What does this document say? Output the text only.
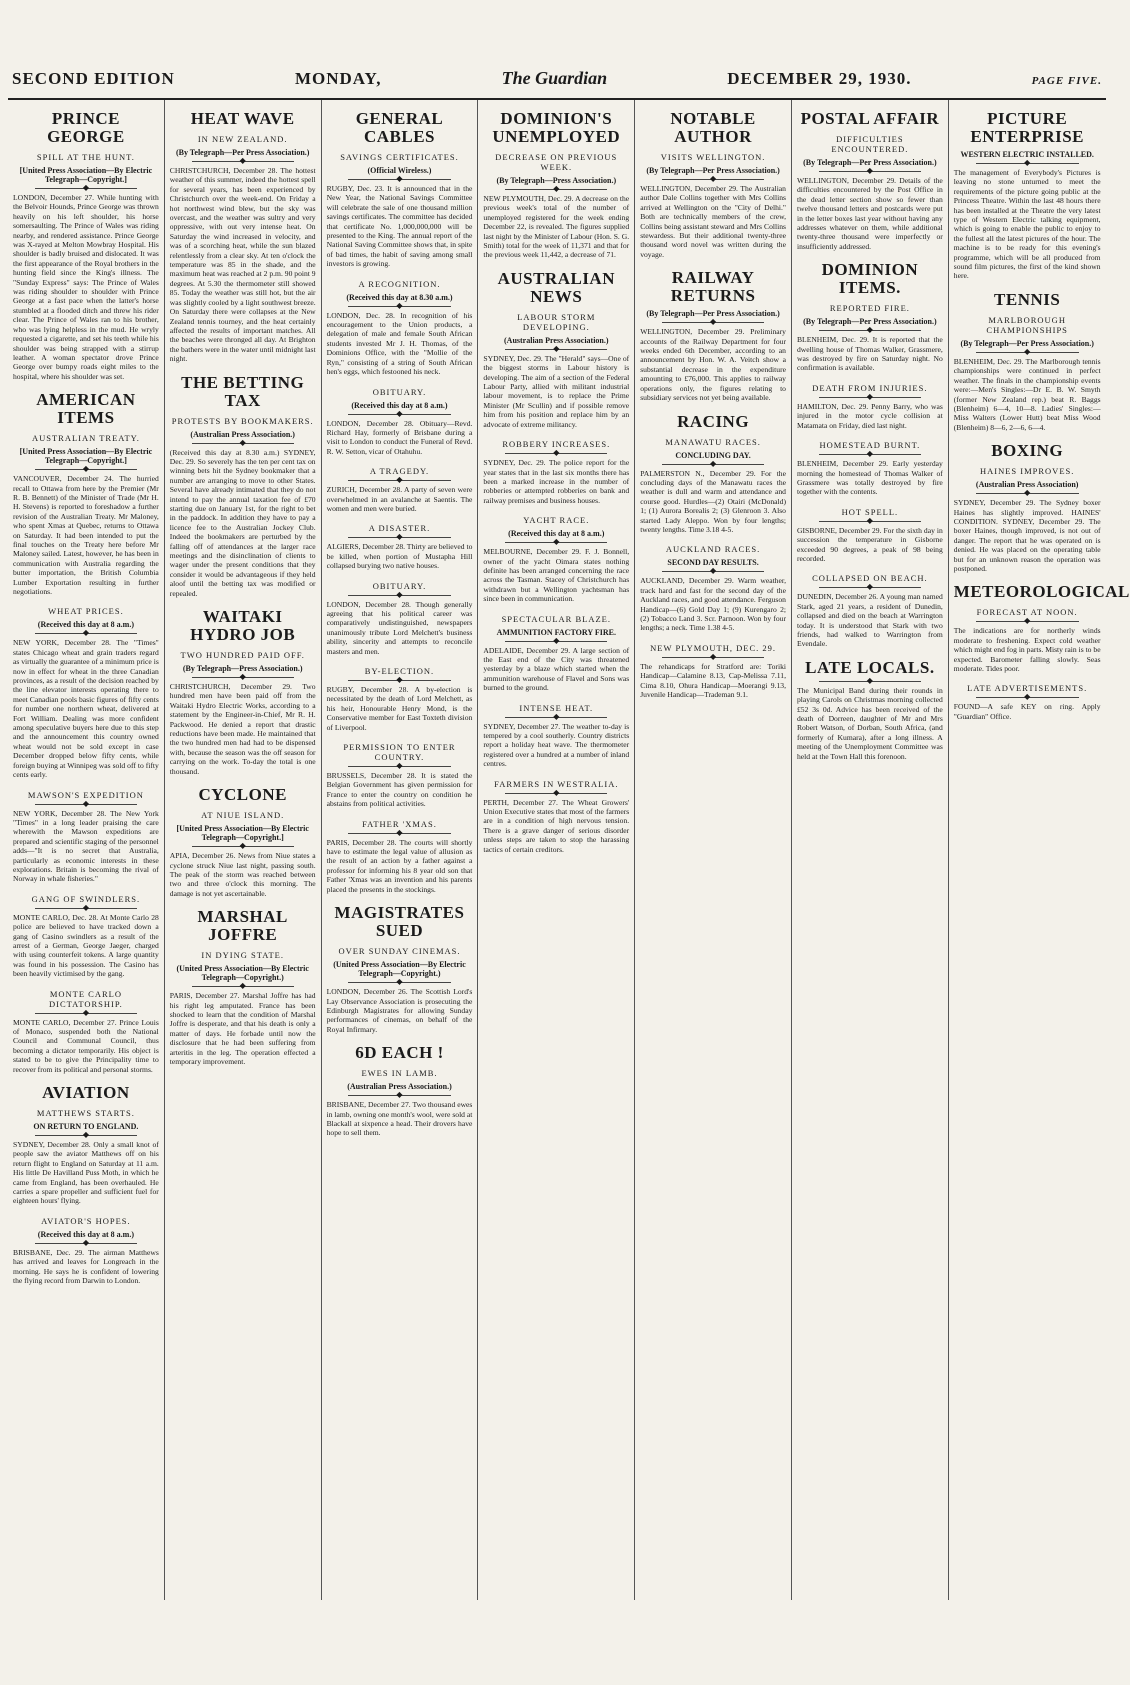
SECOND EDITION	MONDAY,	The Guardian	DECEMBER 29, 1930.	PAGE FIVE.
PRINCE GEORGE
SPILL AT THE HUNT.
[United Press Association—By Electric Telegraph—Copyright.]
◆
LONDON, December 27. While hunting with the Belvoir Hounds, Prince George was thrown heavily on his left shoulder, his horse somersaulting. The Prince of Wales was riding nearby, and rendered assistance. Prince George was X-rayed at Melton Mowbray Hospital. His shoulder is badly bruised and dislocated. It was the first appearance of the Royal brothers in the hunting field since the King's illness. The "Sunday Express" says: The Prince of Wales was riding shoulder to shoulder with Prince George at a fast pace when the latter's horse stumbled at a flooded ditch and threw his rider clear. The Prince of Wales ran to his brother, who was lying helpless in the mud. He wryly requested a cigarette, and set his teeth while his shoulder was being strapped with a stirrup leather. A woman spectator drove Prince George over bumpy roads eight miles to the hospital, where his shoulder was set.
AMERICAN ITEMS
AUSTRALIAN TREATY.
[United Press Association—By Electric Telegraph—Copyright.]
◆
VANCOUVER, December 24. The hurried recall to Ottawa from here by the Premier (Mr R. B. Bennett) of the Minister of Trade (Mr H. H. Stevens) is reported to foreshadow a further revision of the Australian Treaty. Mr Maloney, who spent Xmas at Quebec, returns to Ottawa on Saturday. It had been intended to put the final touches on the Treaty here before Mr Maloney sailed. Latest, however, he has been in communication with Australia regarding the butter importation, the British Columbia Lumber Exportation resulting in further negotiations.
WHEAT PRICES.
(Received this day at 8 a.m.)
◆
NEW YORK, December 28. The "Times" states Chicago wheat and grain traders regard as virtually the guarantee of a minimum price is now in effect for wheat in the three Canadian provinces, as a result of the decision reached by the line elevator interests operating there to meet Canadian pools basic figures of fifty cents for number one northern wheat, delivered at Fort William. Dealing was more confident among speculative buyers here due to this step and the announcement this country owned wheat would not be sold except in case December dropped below fifty cents, while foreign buying at Winnipeg was sold off to fifty cents early.
MAWSON'S EXPEDITION
◆
NEW YORK, December 28. The New York "Times" in a long leader praising the care wherewith the Mawson expeditions are prepared and scientific staging of the personnel adds—"It is no secret that Australia, particularly as economic interests in these explorations. Britain is becoming the rival of Norway in whale fisheries."
GANG OF SWINDLERS.
◆
MONTE CARLO, Dec. 28. At Monte Carlo 28 police are believed to have tracked down a gang of Casino swindlers as a result of the arrest of a German, George Jaeger, charged with using counterfeit tokens. A large quantity was found in his possession. The Casino has been heavily victimised by the gang.
MONTE CARLO DICTATORSHIP.
◆
MONTE CARLO, December 27. Prince Louis of Monaco, suspended both the National Council and Communal Council, thus becoming a dictator temporarily. His object is stated to be to give the Principality time to recover from its political and personal storms.
AVIATION
MATTHEWS STARTS.
ON RETURN TO ENGLAND.
◆
SYDNEY, December 28. Only a small knot of people saw the aviator Matthews off on his return flight to England on Saturday at 11 a.m. His little De Havilland Puss Moth, in which he came from England, has been overhauled. He carries a spare propeller and sufficient fuel for eighteen hours' flying.
AVIATOR'S HOPES.
(Received this day at 8 a.m.)
◆
BRISBANE, Dec. 29. The airman Matthews has arrived and leaves for Longreach in the morning. He says he is confident of lowering the flying record from Darwin to London.
HEAT WAVE
IN NEW ZEALAND.
(By Telegraph—Per Press Association.)
◆
CHRISTCHURCH, December 28. The hottest weather of this summer, indeed the hottest spell for several years, has been experienced by Christchurch over the week-end. On Friday a hot northwest wind blew, but the sky was overcast, and the weather was sultry and very oppressive, with out very intense heat. On Saturday the wind increased in velocity, and was of a scorching heat, while the sun blazed relentlessly from a clear sky. At ten o'clock the temperature was 85 in the shade, and the maximum heat was reached at 2 p.m. 90 point 9 degrees. At 5.30 the thermometer still showed 85. Today the weather was still hot, but the air was slightly cooled by a light southwest breeze. On Saturday there were collapses at the New Zealand tennis tourney, and the heat certainly affected the results of important matches. All the beaches were thronged all day. At Brighton the bathers were in the water until midnight last night.
THE BETTING TAX
PROTESTS BY BOOKMAKERS.
(Australian Press Association.)
◆
(Received this day at 8.30 a.m.) SYDNEY, Dec. 29. So severely has the ten per cent tax on winning bets hit the Sydney bookmaker that a number are arranging to move to other States. Several have already intimated that they do not intend to pay the annual taxation fee of £70 starting due on January 1st, for the right to bet in the paddock. In addition they have to pay a licence fee to the Australian Jockey Club. Indeed the bookmakers are perturbed by the falling off of attendances at the larger race meetings and the disinclination of clients to wager under the present conditions that they consider it would be advantageous if they held aloof until the betting tax was modified or repealed.
WAITAKI HYDRO JOB
TWO HUNDRED PAID OFF.
(By Telegraph—Press Association.)
◆
CHRISTCHURCH, December 29. Two hundred men have been paid off from the Waitaki Hydro Electric Works, according to a statement by the Engineer-in-Chief, Mr R. H. Packwood. He denied a report that drastic reductions have been made. He maintained that the two hundred men had had to be dispensed with, because the season was the off season for carrying on the work. To-day the total is one thousand.
CYCLONE
AT NIUE ISLAND.
[United Press Association—By Electric Telegraph—Copyright.]
◆
APIA, December 26. News from Niue states a cyclone struck Niue last night, passing south. The peak of the storm was reached between two and three o'clock this morning. The damage is not yet ascertainable.
MARSHAL JOFFRE
IN DYING STATE.
(United Press Association—By Electric Telegraph—Copyright.)
◆
PARIS, December 27. Marshal Joffre has had his right leg amputated. France has been shocked to learn that the condition of Marshal Joffre is desperate, and that his death is only a matter of days. He forbade until now the disclosure that he had been suffering from arteritis in the leg. The operation effected a temporary improvement.
GENERAL CABLES
SAVINGS CERTIFICATES.
(Official Wireless.)
◆
RUGBY, Dec. 23. It is announced that in the New Year, the National Savings Committee will celebrate the sale of one thousand million savings certificates. The committee has decided that certificate No. 1,000,000,000 will be presented to the King. The annual report of the National Saving Committee shows that, in spite of bad times, the habit of saving among small investors is growing.
A RECOGNITION.
(Received this day at 8.30 a.m.)
◆
LONDON, Dec. 28. In recognition of his encouragement to the Union products, a delegation of male and female South African students invested Mr J. H. Thomas, of the Dominions Office, with the "Mollie of the Ryn," consisting of a string of South African hen's eggs, which festooned his neck.
OBITUARY.
(Received this day at 8 a.m.)
◆
LONDON, December 28. Obituary—Revd. Richard Hay, formerly of Brisbane during a visit to London to conduct the Funeral of Revd. R. W. Setton, vicar of Otahuhu.
A TRAGEDY.
◆
ZURICH, December 28. A party of seven were overwhelmed in an avalanche at Saentis. The women and men were buried.
A DISASTER.
◆
ALGIERS, December 28. Thirty are believed to be killed, when portion of Mustapha Hill collapsed burying two native houses.
OBITUARY.
◆
LONDON, December 28. Though generally agreeing that his political career was comparatively undistinguished, newspapers unanimously tribute Lord Melchett's business ability, sincerity and attempts to reconcile masters and men.
BY-ELECTION.
◆
RUGBY, December 28. A by-election is necessitated by the death of Lord Melchett, as his heir, Honourable Henry Mond, is the Conservative member for East Toxteth division of Liverpool.
PERMISSION TO ENTER COUNTRY.
◆
BRUSSELS, December 28. It is stated the Belgian Government has given permission for France to enter the country on condition he abstains from political activities.
FATHER 'XMAS.
◆
PARIS, December 28. The courts will shortly have to estimate the legal value of allusion as the result of an action by a father against a professor for informing his 8 year old son that Father 'Xmas was an invention and his parents placed the presents in the stockings.
MAGISTRATES SUED
OVER SUNDAY CINEMAS.
(United Press Association—By Electric Telegraph—Copyright.)
◆
LONDON, December 26. The Scottish Lord's Lay Observance Association is prosecuting the Edinburgh Magistrates for allowing Sunday performances of cinemas, on behalf of the Royal Infirmary.
6D EACH !
EWES IN LAMB.
(Australian Press Association.)
◆
BRISBANE, December 27. Two thousand ewes in lamb, owning one month's wool, were sold at Blackall at sixpence a head. Their drovers have hope to sell them.
DOMINION'S UNEMPLOYED
DECREASE ON PREVIOUS WEEK.
(By Telegraph—Press Association.)
◆
NEW PLYMOUTH, Dec. 29. A decrease on the previous week's total of the number of unemployed registered for the week ending December 22, is revealed. The figures supplied last night by the Minister of Labour (Hon. S. G. Smith) total for the week of 11,371 and that for the previous week 11,442, a decrease of 71.
AUSTRALIAN NEWS
LABOUR STORM DEVELOPING.
(Australian Press Association.)
◆
SYDNEY, Dec. 29. The "Herald" says—One of the biggest storms in Labour history is developing. The aim of a section of the Federal Labour Party, allied with militant industrial labour movement, is to replace the Prime Minister (Mr Scullin) and if possible remove him from his position and replace him by an advocate of extreme militancy.
ROBBERY INCREASES.
◆
SYDNEY, Dec. 29. The police report for the year states that in the last six months there has been a marked increase in the number of robberies or attempted robberies on bank and railway premises and business houses.
YACHT RACE.
(Received this day at 8 a.m.)
◆
MELBOURNE, December 29. F. J. Bonnell, owner of the yacht Oimara states nothing definite has been arranged concerning the race across the Tasman. Stacey of Christchurch has withdrawn but a Wellington yachtsman has since been in communication.
SPECTACULAR BLAZE.
AMMUNITION FACTORY FIRE.
◆
ADELAIDE, December 29. A large section of the East end of the City was threatened yesterday by a blaze which started when the ammunition warehouse of Flavel and Sons was burned to the ground.
INTENSE HEAT.
◆
SYDNEY, December 27. The weather to-day is tempered by a cool southerly. Country districts report a holiday heat wave. The thermometer registered over a hundred at a number of inland centres.
FARMERS IN WESTRALIA.
◆
PERTH, December 27. The Wheat Growers' Union Executive states that most of the farmers are in a condition of high nervous tension. There is a grave danger of serious disorder unless steps are taken to stop the harassing tactics of certain creditors.
NOTABLE AUTHOR
VISITS WELLINGTON.
(By Telegraph—Per Press Association.)
◆
WELLINGTON, December 29. The Australian author Dale Collins together with Mrs Collins arrived at Wellington on the "City of Delhi." Both are technically members of the crew, Collins being assistant steward and Mrs Collins stewardess. But their additional twenty-three thousand word novel was written during the voyage.
RAILWAY RETURNS
(By Telegraph—Per Press Association.)
◆
WELLINGTON, December 29. Preliminary accounts of the Railway Department for four weeks ended 6th December, according to an announcement by Hon. W. A. Veitch show a substantial decrease in the expenditure amounting to £76,000. This applies to railway operations only, the figures relating to subsidiary services not yet being available.
RACING
MANAWATU RACES.
CONCLUDING DAY.
◆
PALMERSTON N., December 29. For the concluding days of the Manawatu races the weather is dull and warm and attendance and course good. Hurdles—(2) Otairi (McDonald) 1; (1) Aurora Borealis 2; (3) Glenroon 3. Also started Lady Aleppo. Won by four lengths; twenty lengths. Time 3.18 4-5.
AUCKLAND RACES.
SECOND DAY RESULTS.
◆
AUCKLAND, December 29. Warm weather, track hard and fast for the second day of the Auckland races, and good attendance. Ferguson Handicap—(6) Gold Day 1; (9) Kurengaro 2; (2) Tobacco Land 3. Scr. Parnoon. Won by four lengths; a neck. Time 1.38 4-5.
NEW PLYMOUTH, DEC. 29.
◆
The rehandicaps for Stratford are: Toriki Handicap—Calamine 8.13, Cap-Melissa 7.11, Cima 8.10, Ohura Handicap—Moerangi 9.13, Juvenile Handicap—Trademan 9.1.
POSTAL AFFAIR
DIFFICULTIES ENCOUNTERED.
(By Telegraph—Per Press Association.)
◆
WELLINGTON, December 29. Details of the difficulties encountered by the Post Office in the dead letter section show so fewer than twelve thousand letters and postcards were put in the letter boxes last year without having any addresses whatever on them, while additional twenty-three thousand were imperfectly or insufficiently addressed.
DOMINION ITEMS.
REPORTED FIRE.
(By Telegraph—Per Press Association.)
◆
BLENHEIM, Dec. 29. It is reported that the dwelling house of Thomas Walker, Grassmere, was destroyed by fire on Saturday night. No confirmation is available.
DEATH FROM INJURIES.
◆
HAMILTON, Dec. 29. Penny Barry, who was injured in the motor cycle collision at Matamata on Friday, died last night.
HOMESTEAD BURNT.
◆
BLENHEIM, December 29. Early yesterday morning the homestead of Thomas Walker of Grassmere was totally destroyed by fire together with the contents.
HOT SPELL.
◆
GISBORNE, December 29. For the sixth day in succession the temperature in Gisborne exceeded 90 degrees, a peak of 98 being recorded.
COLLAPSED ON BEACH.
◆
DUNEDIN, December 26. A young man named Stark, aged 21 years, a resident of Dunedin, collapsed and died on the beach at Warrington today. It is understood that Stark with two friends, had walked to Warrington from Evendale.
LATE LOCALS.
◆
The Municipal Band during their rounds in playing Carols on Christmas morning collected £52 3s 0d. Advice has been received of the death of Dorreen, daughter of Mr and Mrs Robert Watson, of Dorban, South Africa, (and formerly of Kumara), after a long illness. A meeting of the Unemployment Committee was held at the Town Hall this forenoon.
PICTURE ENTERPRISE
WESTERN ELECTRIC INSTALLED.
◆
The management of Everybody's Pictures is leaving no stone unturned to meet the requirements of the picture going public at the Princess Theatre. Within the last 48 hours there has been installed at the Theatre the very latest type of Western Electric talking equipment, which is going to enable the public to enjoy to the fullest all the latest pictures of the hour. The machine is to be ready for this evening's programme, which will be all produced from sound film pictures, the first of the kind shown here.
TENNIS
MARLBOROUGH CHAMPIONSHIPS
(By Telegraph—Per Press Association.)
◆
BLENHEIM, Dec. 29. The Marlborough tennis championships were continued in perfect weather. The finals in the championship events were:—Men's Singles:—Dr E. B. W. Smyth (former New Zealand rep.) beat R. Baggs (Blenheim) 6—4, 10—8. Ladies' Singles:—Miss Walters (Lower Hutt) beat Miss Wood (Blenheim) 8—6, 2—6, 6—4.
BOXING
HAINES IMPROVES.
(Australian Press Association)
◆
SYDNEY, December 29. The Sydney boxer Haines has slightly improved. HAINES' CONDITION. SYDNEY, December 29. The boxer Haines, though improved, is not out of danger. The report that he was operated on is denied. He was placed on the operating table but for an unknown reason the operation was postponed.
METEOROLOGICAL
FORECAST AT NOON.
◆
The indications are for northerly winds moderate to freshening. Expect cold weather which might end fog in parts. Misty rain is to be expected. Barometer falling slowly. Seas moderate. Tides poor.
LATE ADVERTISEMENTS.
◆
FOUND—A safe KEY on ring. Apply "Guardian" Office.
